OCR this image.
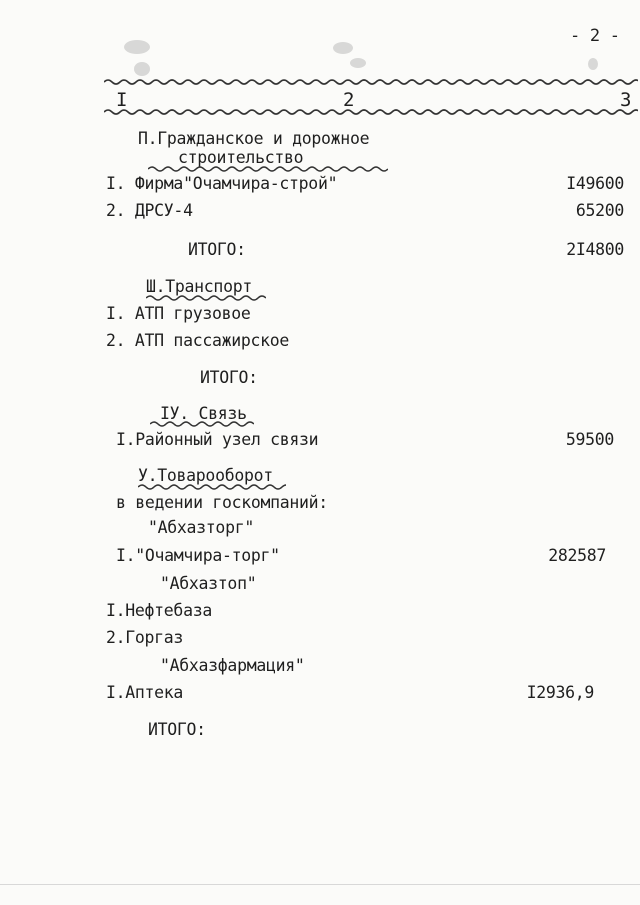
- 2 -
I	2	3
П.Гражданское и дорожное
строительство
I. Фирма"Очамчира-строй"	I49600
2. ДРСУ-4	65200
ИТОГО:	2I4800
Ш.Транспорт
I. АТП грузовое
2. АТП пассажирское
ИТОГО:
IУ. Связь
I.Районный узел связи	59500
У.Товарооборот
в ведении госкомпаний:
"Абхазторг"
I."Очамчира-торг"	282587
"Абхазтоп"
I.Нефтебаза
2.Горгаз
"Абхазфармация"
I.Аптека	I2936,9
ИТОГО:
